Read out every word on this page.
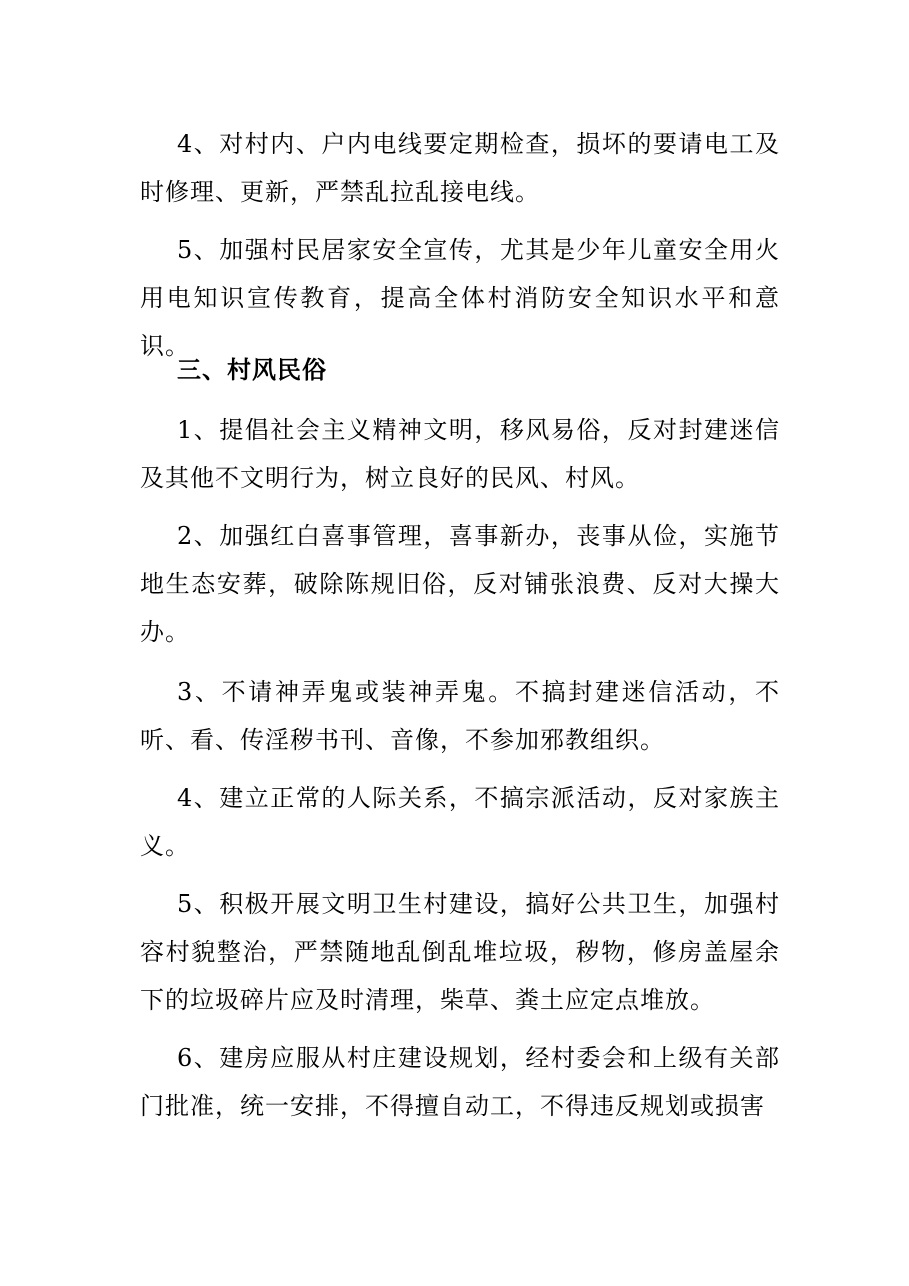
4、对村内、户内电线要定期检查，损坏的要请电工及时修理、更新，严禁乱拉乱接电线。

5、加强村民居家安全宣传，尤其是少年儿童安全用火用电知识宣传教育，提高全体村消防安全知识水平和意识。

三、村风民俗

1、提倡社会主义精神文明，移风易俗，反对封建迷信及其他不文明行为，树立良好的民风、村风。

2、加强红白喜事管理，喜事新办，丧事从俭，实施节地生态安葬，破除陈规旧俗，反对铺张浪费、反对大操大办。

3、不请神弄鬼或装神弄鬼。不搞封建迷信活动，不听、看、传淫秽书刊、音像，不参加邪教组织。

4、建立正常的人际关系，不搞宗派活动，反对家族主义。

5、积极开展文明卫生村建设，搞好公共卫生，加强村容村貌整治，严禁随地乱倒乱堆垃圾，秽物，修房盖屋余下的垃圾碎片应及时清理，柴草、粪土应定点堆放。

6、建房应服从村庄建设规划，经村委会和上级有关部门批准，统一安排，不得擅自动工，不得违反规划或损害
